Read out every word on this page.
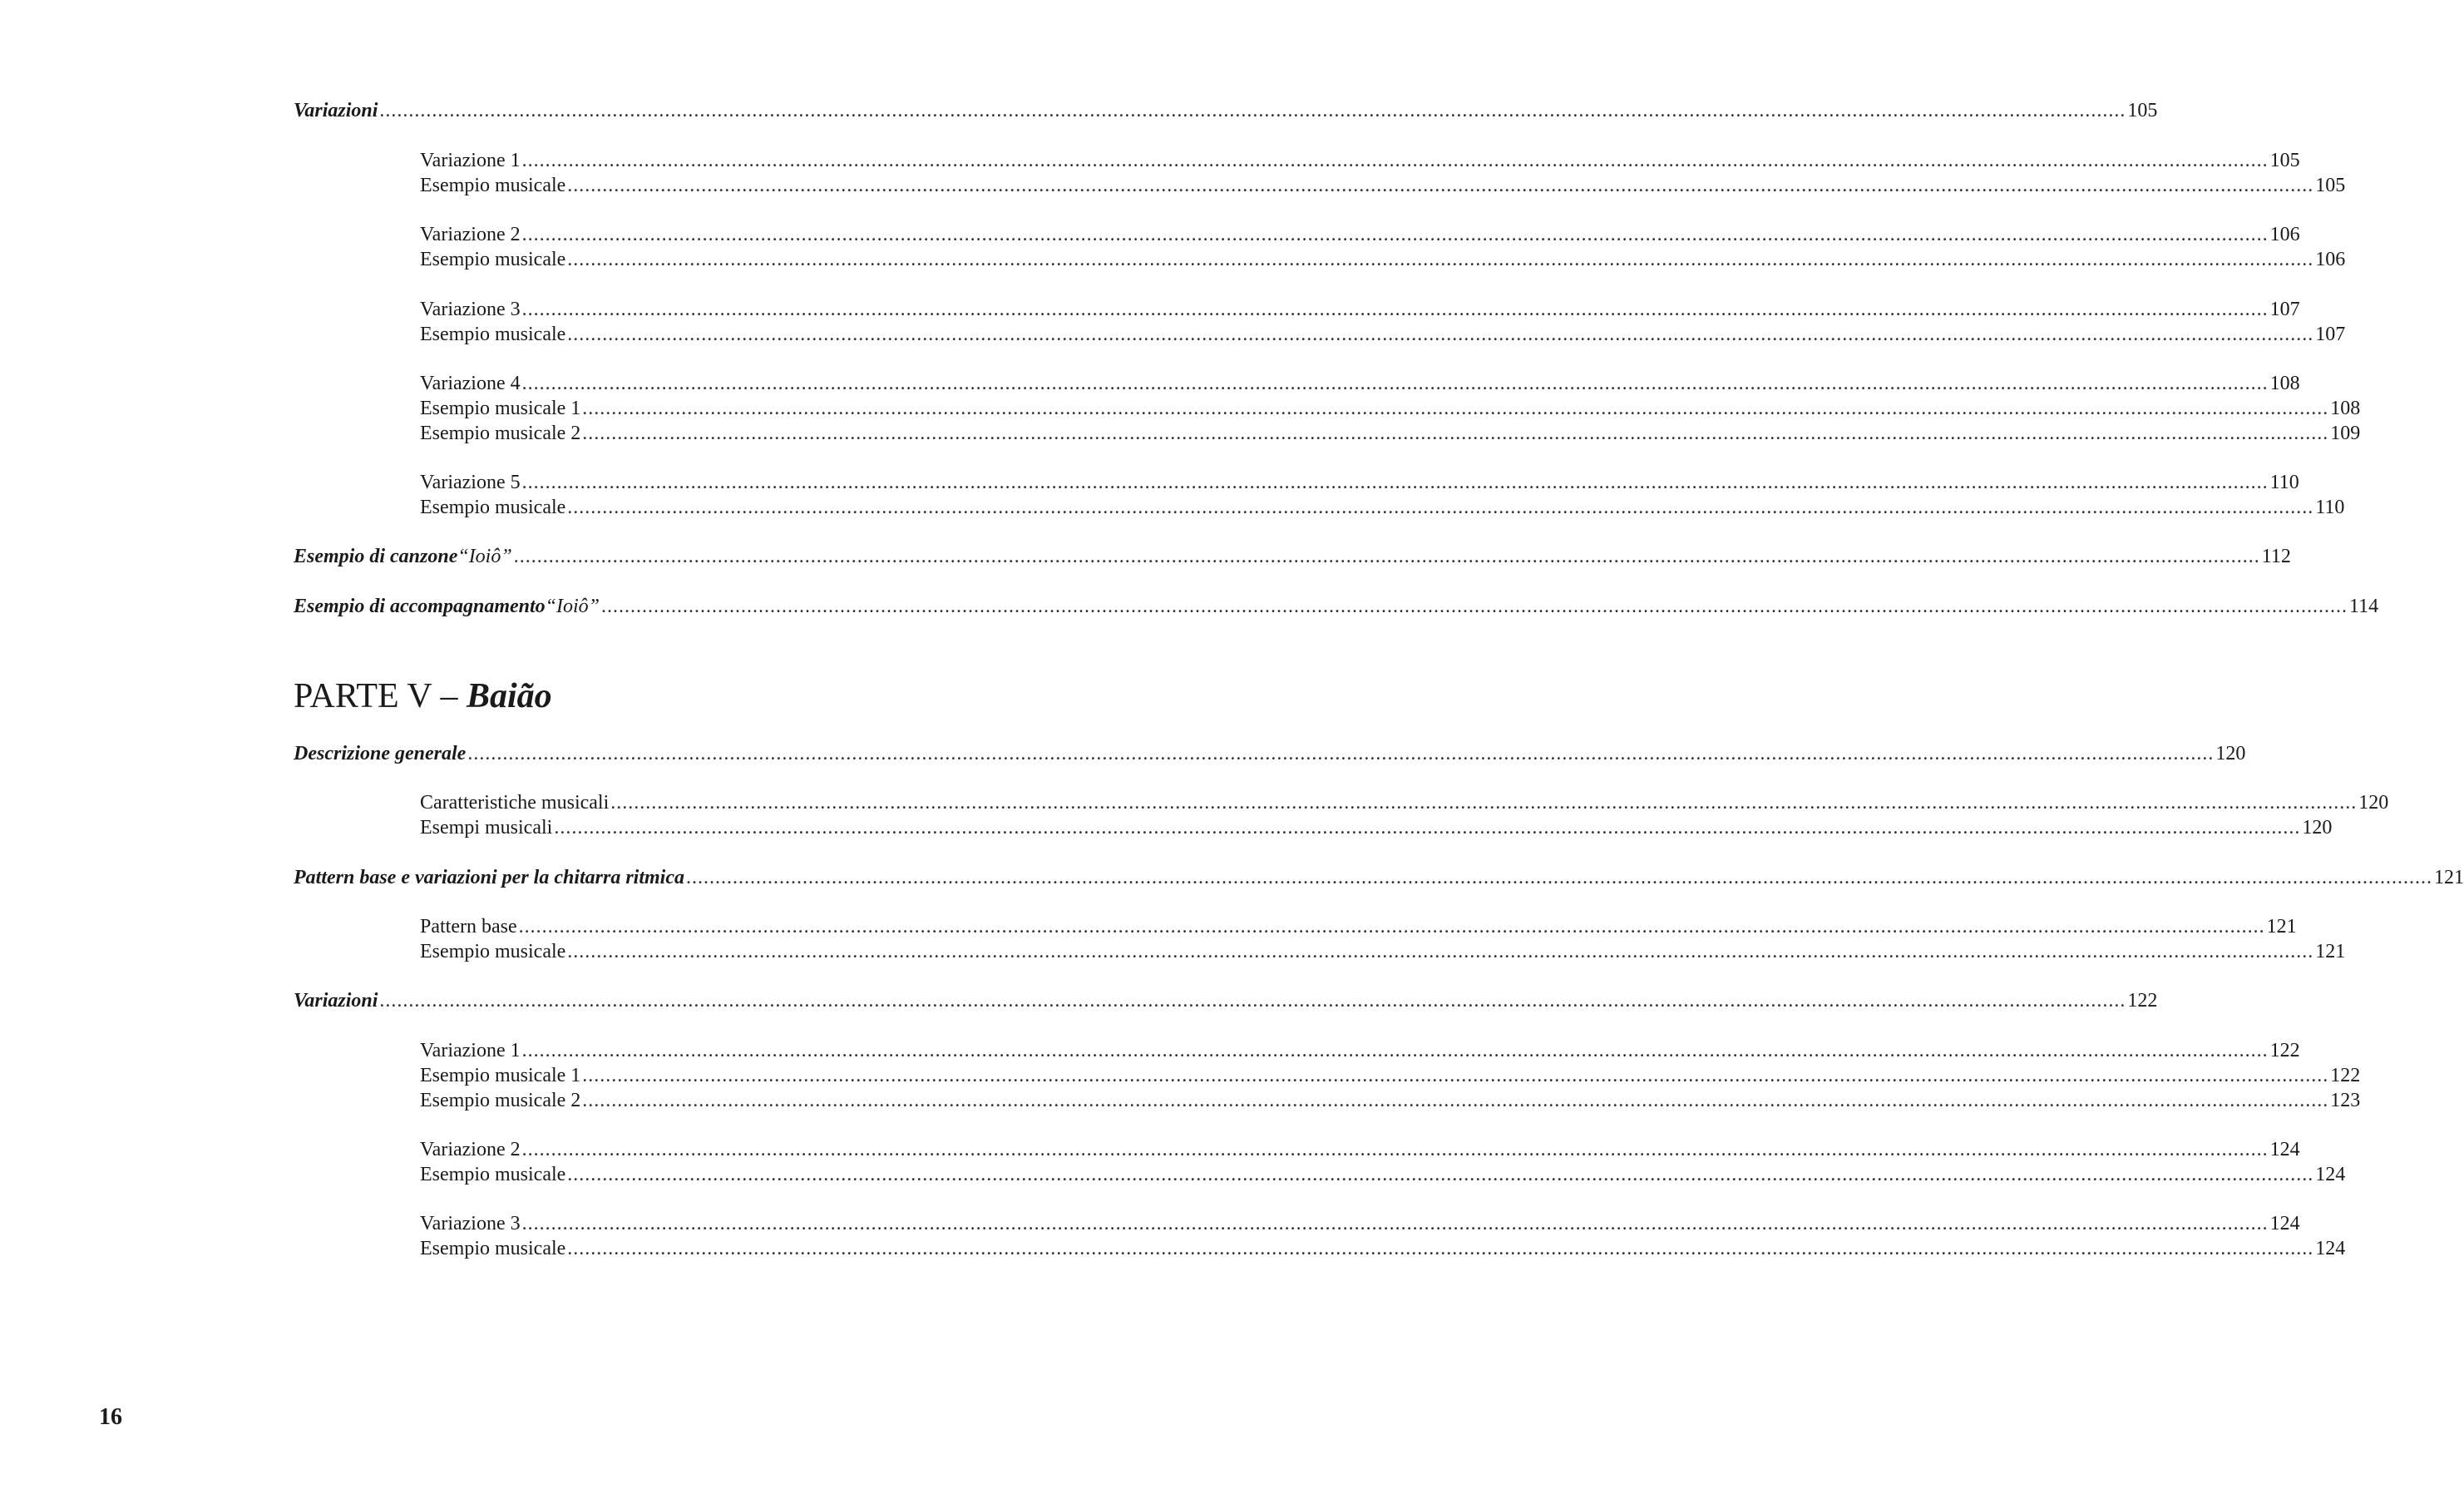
Variazioni ............................................................................................................................................................................................................................................................................................................ 105
Variazione 1 ............................................................................................................................................................................................................................................................................................................ 105
Esempio musicale ............................................................................................................................................................................................................................................................................................................ 105
Variazione 2 ............................................................................................................................................................................................................................................................................................................ 106
Esempio musicale ............................................................................................................................................................................................................................................................................................................ 106
Variazione 3 ............................................................................................................................................................................................................................................................................................................ 107
Esempio musicale ............................................................................................................................................................................................................................................................................................................ 107
Variazione 4 ............................................................................................................................................................................................................................................................................................................ 108
Esempio musicale 1 ............................................................................................................................................................................................................................................................................................................ 108
Esempio musicale 2 ............................................................................................................................................................................................................................................................................................................ 109
Variazione 5 ............................................................................................................................................................................................................................................................................................................ 110
Esempio musicale ............................................................................................................................................................................................................................................................................................................ 110
Esempio di canzone “Ioiô” ............................................................................................................................................................................................................................................................................................................ 112
Esempio di accompagnamento “Ioiô” ............................................................................................................................................................................................................................................................................................................ 114
Descrizione generale ............................................................................................................................................................................................................................................................................................................ 120
Caratteristiche musicali ............................................................................................................................................................................................................................................................................................................ 120
Esempi musicali ............................................................................................................................................................................................................................................................................................................ 120
Pattern base e variazioni per la chitarra ritmica ............................................................................................................................................................................................................................................................................................................ 121
Pattern base ............................................................................................................................................................................................................................................................................................................ 121
Esempio musicale ............................................................................................................................................................................................................................................................................................................ 121
Variazioni ............................................................................................................................................................................................................................................................................................................ 122
Variazione 1 ............................................................................................................................................................................................................................................................................................................ 122
Esempio musicale 1 ............................................................................................................................................................................................................................................................................................................ 122
Esempio musicale 2 ............................................................................................................................................................................................................................................................................................................ 123
Variazione 2 ............................................................................................................................................................................................................................................................................................................ 124
Esempio musicale ............................................................................................................................................................................................................................................................................................................ 124
Variazione 3 ............................................................................................................................................................................................................................................................................................................ 124
Esempio musicale ............................................................................................................................................................................................................................................................................................................ 124
PARTE V – Baião
16
